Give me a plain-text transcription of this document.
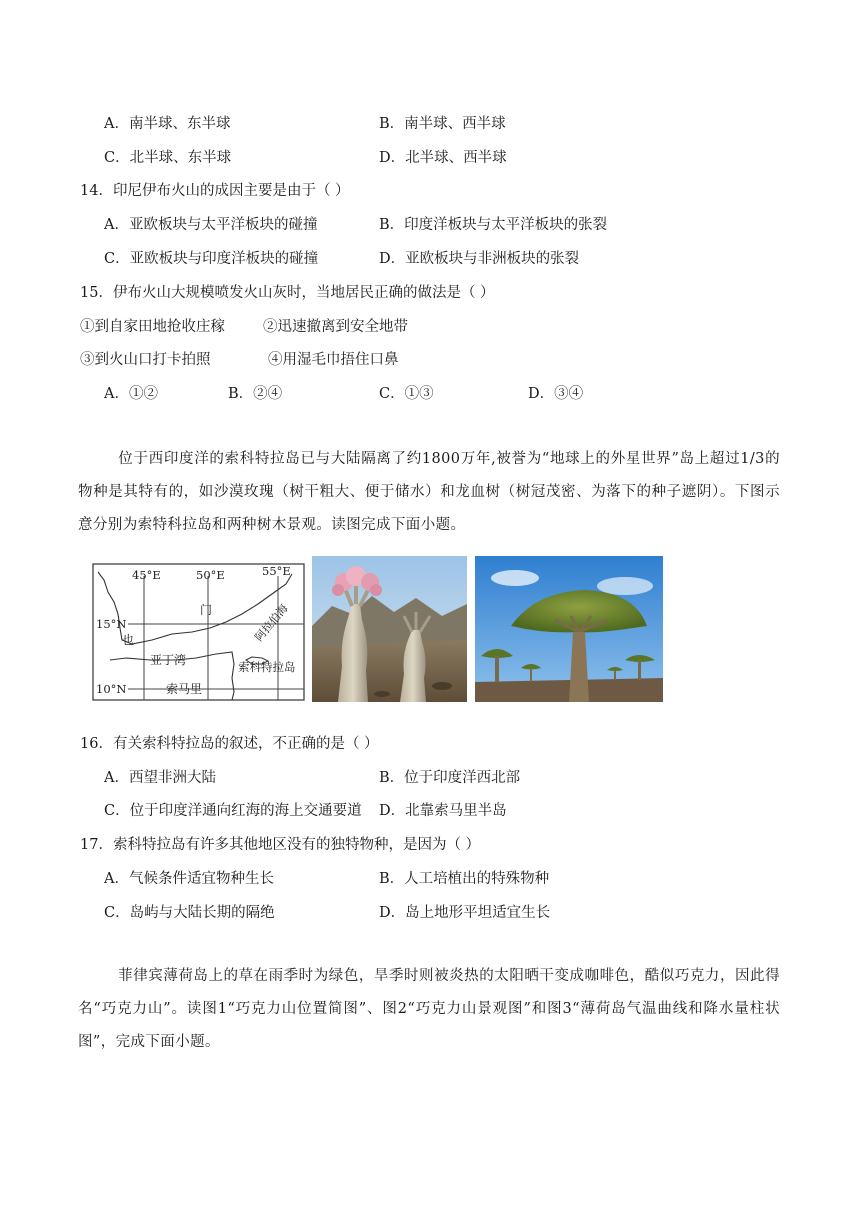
A．南半球、东半球	B．南半球、西半球
C．北半球、东半球	D．北半球、西半球
14．印尼伊布火山的成因主要是由于（ ）
A．亚欧板块与太平洋板块的碰撞	B．印度洋板块与太平洋板块的张裂
C．亚欧板块与印度洋板块的碰撞	D．亚欧板块与非洲板块的张裂
15．伊布火山大规模喷发火山灰时，当地居民正确的做法是（ ）
①到自家田地抢收庄稼	②迅速撤离到安全地带
③到火山口打卡拍照	④用湿毛巾捂住口鼻
A．①②	B．②④	C．①③	D．③④
位于西印度洋的索科特拉岛已与大陆隔离了约1800万年,被誉为“地球上的外星世界”岛上超过1/3的物种是其特有的，如沙漠玫瑰（树干粗大、便于储水）和龙血树（树冠茂密、为落下的种子遮阴）。下图示意分别为索特科拉岛和两种树木景观。读图完成下面小题。
45°E	50°E	55°E
15°N
10°N
也
门	阿拉伯海
亚丁湾	索科特拉岛
索马里
16．有关索科特拉岛的叙述，不正确的是（ ）
A．西望非洲大陆	B．位于印度洋西北部
C．位于印度洋通向红海的海上交通要道 D．北靠索马里半岛
17．索科特拉岛有许多其他地区没有的独特物种，是因为（ ）
A．气候条件适宜物种生长	B．人工培植出的特殊物种
C．岛屿与大陆长期的隔绝	D．岛上地形平坦适宜生长
菲律宾薄荷岛上的草在雨季时为绿色，旱季时则被炎热的太阳晒干变成咖啡色，酷似巧克力，因此得名“巧克力山”。读图1“巧克力山位置简图”、图2“巧克力山景观图”和图3“薄荷岛气温曲线和降水量柱状图”，完成下面小题。
